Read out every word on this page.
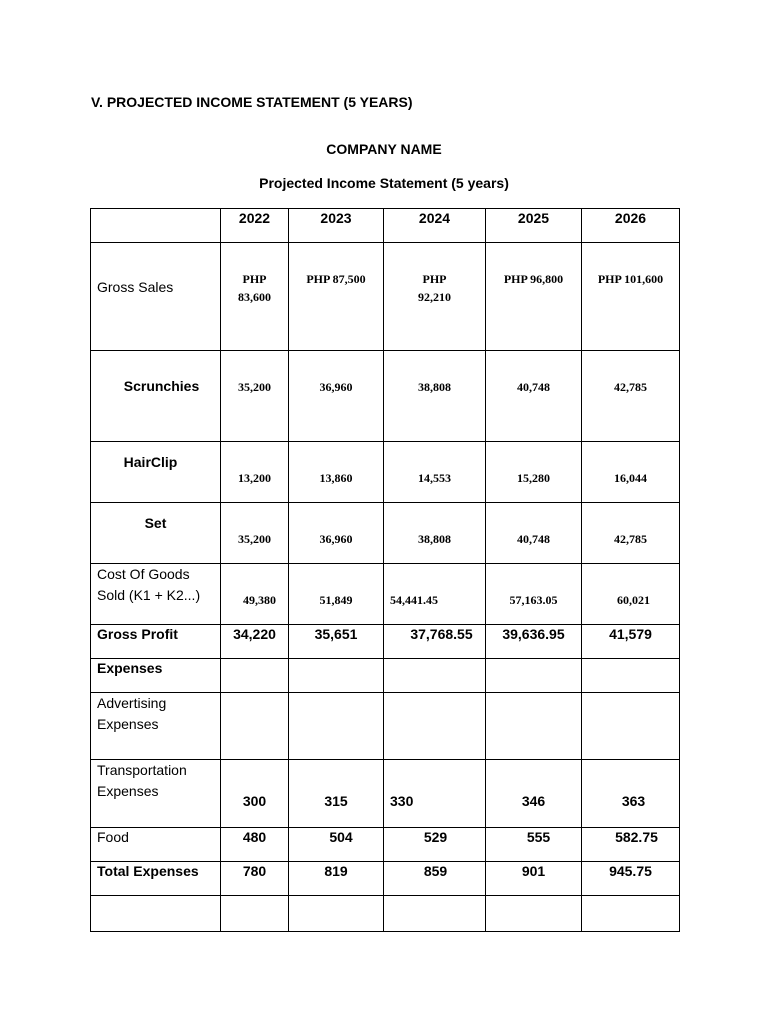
V. PROJECTED INCOME STATEMENT (5 YEARS)
COMPANY NAME
Projected Income Statement (5 years)

	2022	2023	2024	2025	2026

Gross Sales	PHP 83,600	PHP 87,500	PHP 92,210	PHP 96,800	PHP 101,600

Scrunchies	35,200	36,960	38,808	40,748	42,785

HairClip	13,200	13,860	14,553	15,280	16,044

Set	35,200	36,960	38,808	40,748	42,785

Cost Of Goods Sold (K1 + K2...)	49,380	51,849	54,441.45	57,163.05	60,021

Gross Profit	34,220	35,651	37,768.55	39,636.95	41,579

Expenses					

Advertising Expenses					

Transportation Expenses	300	315	330	346	363

Food	480	504	529	555	582.75

Total Expenses	780	819	859	901	945.75
